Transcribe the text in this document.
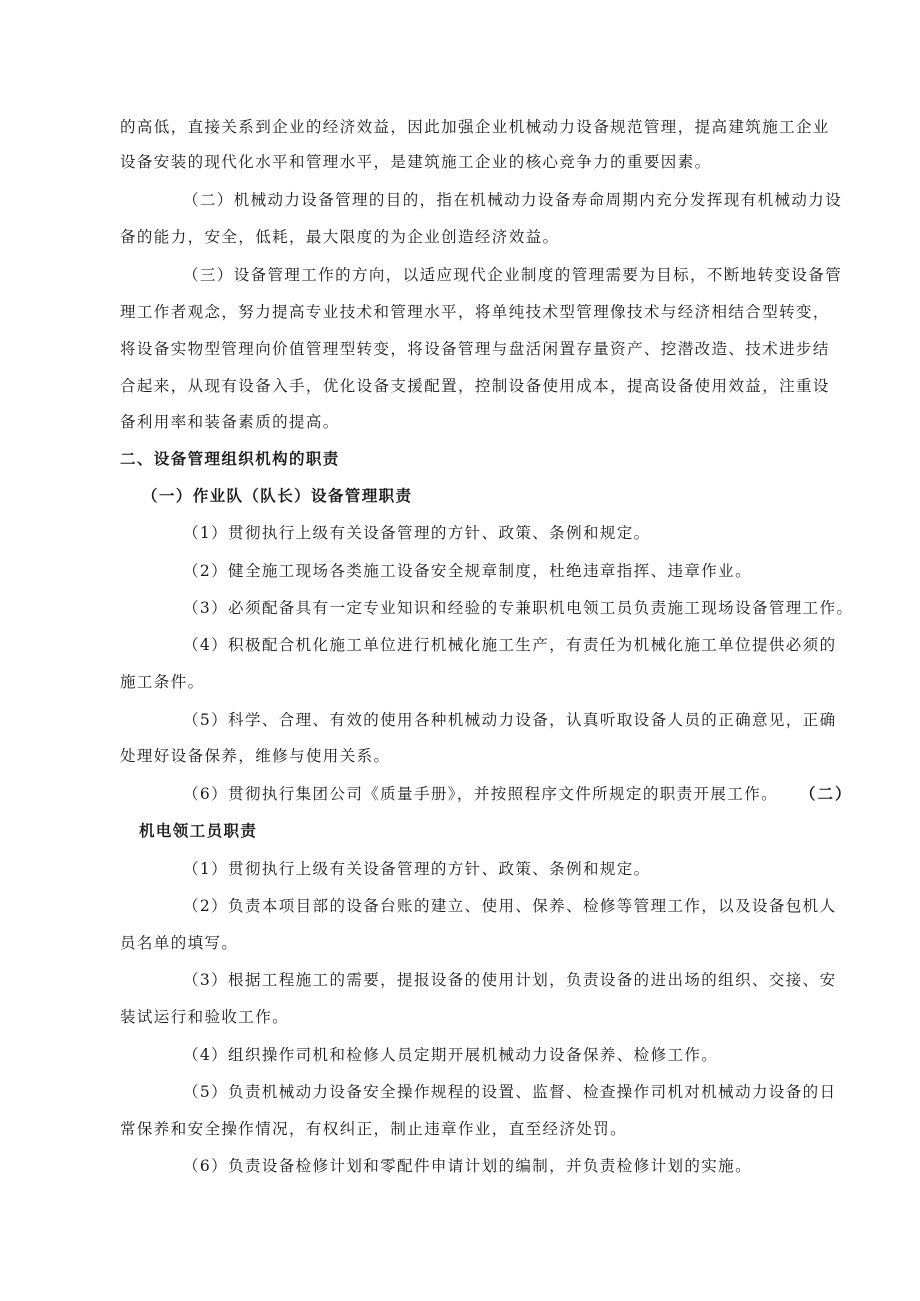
的高低，直接关系到企业的经济效益，因此加强企业机械动力设备规范管理，提高建筑施工企业
设备安装的现代化水平和管理水平，是建筑施工企业的核心竞争力的重要因素。
（二）机械动力设备管理的目的，指在机械动力设备寿命周期内充分发挥现有机械动力设
备的能力，安全，低耗，最大限度的为企业创造经济效益。
（三）设备管理工作的方向，以适应现代企业制度的管理需要为目标，不断地转变设备管
理工作者观念，努力提高专业技术和管理水平，将单纯技术型管理像技术与经济相结合型转变，
将设备实物型管理向价值管理型转变，将设备管理与盘活闲置存量资产、挖潜改造、技术进步结
合起来，从现有设备入手，优化设备支援配置，控制设备使用成本，提高设备使用效益，注重设
备利用率和装备素质的提高。
二、设备管理组织机构的职责
（一）作业队（队长）设备管理职责
（1）贯彻执行上级有关设备管理的方针、政策、条例和规定。
（2）健全施工现场各类施工设备安全规章制度，杜绝违章指挥、违章作业。
（3）必须配备具有一定专业知识和经验的专兼职机电领工员负责施工现场设备管理工作。
（4）积极配合机化施工单位进行机械化施工生产，有责任为机械化施工单位提供必须的
施工条件。
（5）科学、合理、有效的使用各种机械动力设备，认真听取设备人员的正确意见，正确
处理好设备保养，维修与使用关系。
（6）贯彻执行集团公司《质量手册》，并按照程序文件所规定的职责开展工作。 （二）
机电领工员职责
（1）贯彻执行上级有关设备管理的方针、政策、条例和规定。
（2）负责本项目部的设备台账的建立、使用、保养、检修等管理工作，以及设备包机人
员名单的填写。
（3）根据工程施工的需要，提报设备的使用计划，负责设备的进出场的组织、交接、安
装试运行和验收工作。
（4）组织操作司机和检修人员定期开展机械动力设备保养、检修工作。
（5）负责机械动力设备安全操作规程的设置、监督、检查操作司机对机械动力设备的日
常保养和安全操作情况，有权纠正，制止违章作业，直至经济处罚。
（6）负责设备检修计划和零配件申请计划的编制，并负责检修计划的实施。
